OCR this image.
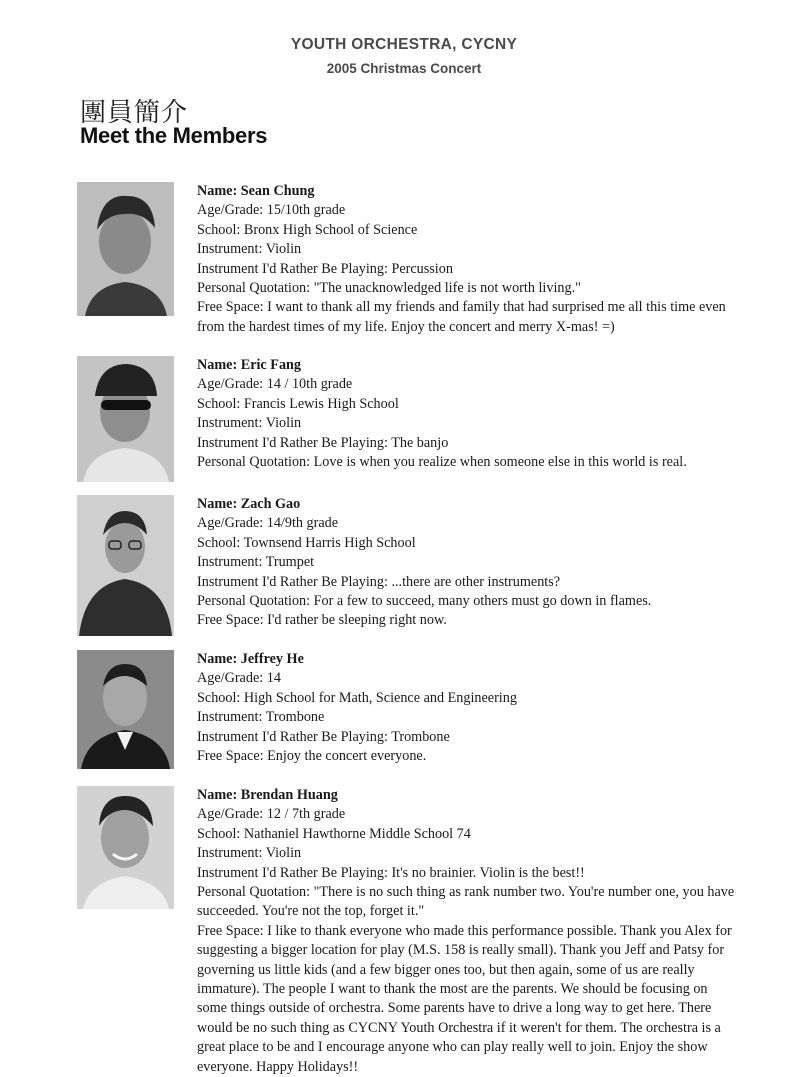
YOUTH ORCHESTRA, CYCNY
2005 Christmas Concert
團員簡介
Meet the Members
Name: Sean Chung
Age/Grade: 15/10th grade
School: Bronx High School of Science
Instrument: Violin
Instrument I'd Rather Be Playing: Percussion
Personal Quotation: "The unacknowledged life is not worth living."
Free Space: I want to thank all my friends and family that had surprised me all this time even
from the hardest times of my life. Enjoy the concert and merry X-mas! =)
Name: Eric Fang
Age/Grade: 14 / 10th grade
School: Francis Lewis High School
Instrument: Violin
Instrument I'd Rather Be Playing: The banjo
Personal Quotation: Love is when you realize when someone else in this world is real.
Name: Zach Gao
Age/Grade: 14/9th grade
School: Townsend Harris High School
Instrument: Trumpet
Instrument I'd Rather Be Playing: ...there are other instruments?
Personal Quotation: For a few to succeed, many others must go down in flames.
Free Space: I'd rather be sleeping right now.
Name: Jeffrey He
Age/Grade: 14
School: High School for Math, Science and Engineering
Instrument: Trombone
Instrument I'd Rather Be Playing: Trombone
Free Space: Enjoy the concert everyone.
Name: Brendan Huang
Age/Grade: 12 / 7th grade
School: Nathaniel Hawthorne Middle School 74
Instrument: Violin
Instrument I'd Rather Be Playing: It's no brainier. Violin is the best!!
Personal Quotation: "There is no such thing as rank number two. You're number one, you have
succeeded. You're not the top, forget it."
Free Space: I like to thank everyone who made this performance possible. Thank you Alex for
suggesting a bigger location for play (M.S. 158 is really small). Thank you Jeff and Patsy for
governing us little kids (and a few bigger ones too, but then again, some of us are really
immature). The people I want to thank the most are the parents. We should be focusing on
some things outside of orchestra. Some parents have to drive a long way to get here. There
would be no such thing as CYCNY Youth Orchestra if it weren't for them. The orchestra is a
great place to be and I encourage anyone who can play really well to join. Enjoy the show
everyone. Happy Holidays!!
